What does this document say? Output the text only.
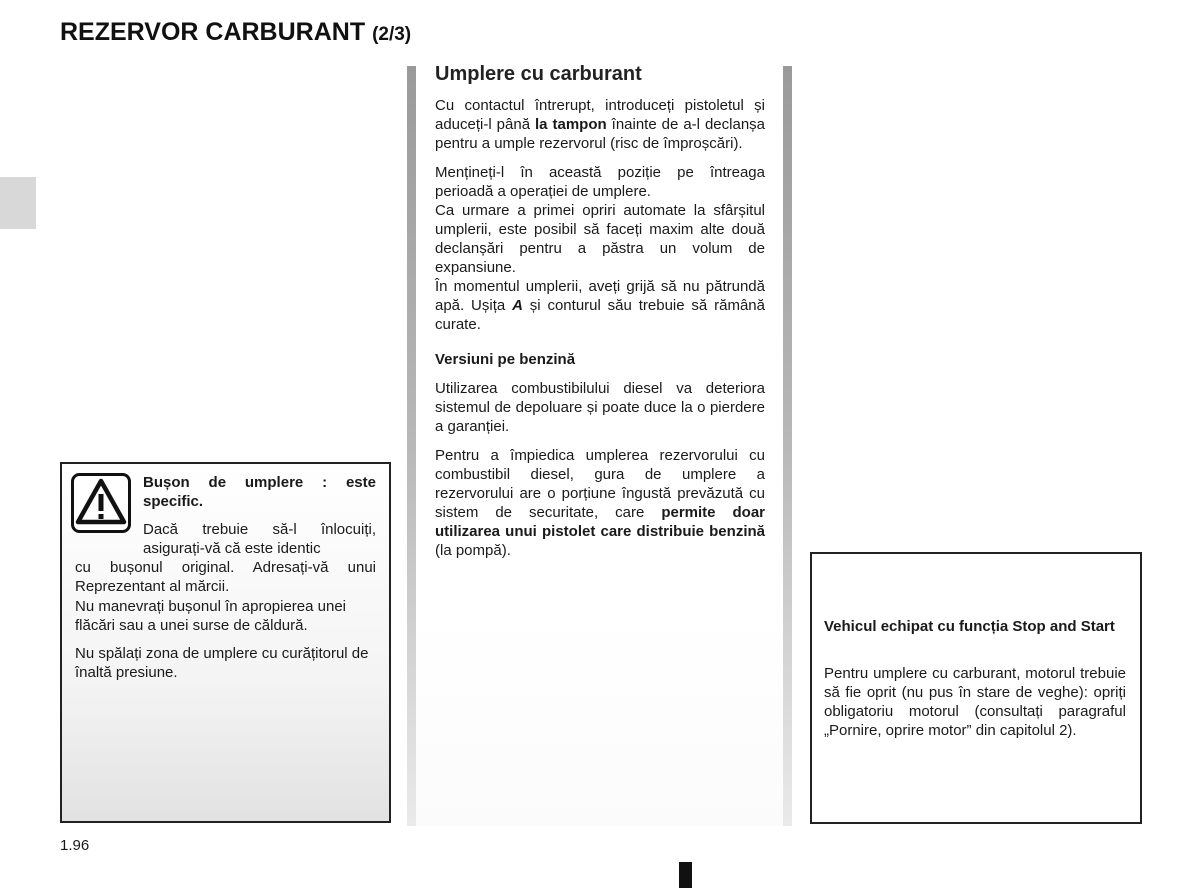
REZERVOR CARBURANT (2/3)
Umplere cu carburant

Cu contactul întrerupt, introduceți pistoletul și aduceți-l până la tampon înainte de a-l declanșa pentru a umple rezervorul (risc de împroșcări).

Mențineți-l în această poziție pe întreaga perioadă a operației de umplere.

Ca urmare a primei opriri automate la sfârșitul umplerii, este posibil să faceți maxim alte două declanșări pentru a păstra un volum de expansiune.

În momentul umplerii, aveți grijă să nu pătrundă apă. Ușița A și conturul său trebuie să rămână curate.

Versiuni pe benzină

Utilizarea combustibilului diesel va deteriora sistemul de depoluare și poate duce la o pierdere a garanției.

Pentru a împiedica umplerea rezervorului cu combustibil diesel, gura de umplere a rezervorului are o porțiune îngustă prevăzută cu sistem de securitate, care permite doar utilizarea unui pistolet care distribuie benzină (la pompă).

Bușon de umplere : este specific.
Dacă trebuie să-l înlocuiți, asigurați-vă că este identic
cu bușonul original. Adresați-vă unui Reprezentant al mărcii.
Nu manevrați bușonul în apropierea unei flăcări sau a unei surse de căldură.
Nu spălați zona de umplere cu curățitorul de înaltă presiune.
Vehicul echipat cu funcția Stop and Start
Pentru umplere cu carburant, motorul trebuie să fie oprit (nu pus în stare de veghe): opriți obligatoriu motorul (consultați paragraful „Pornire, oprire motor” din capitolul 2).
1.96
